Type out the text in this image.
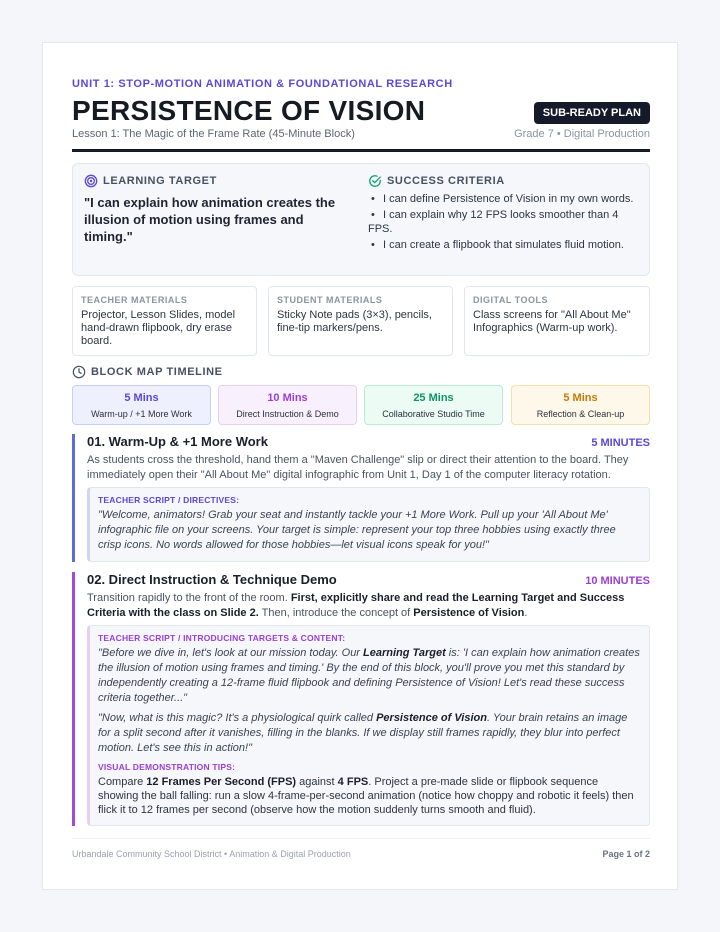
UNIT 1: STOP-MOTION ANIMATION & FOUNDATIONAL RESEARCH
PERSISTENCE OF VISION	SUB-READY PLAN
Lesson 1: The Magic of the Frame Rate (45-Minute Block)	Grade 7 • Digital Production
LEARNING TARGET
"I can explain how animation creates the illusion of motion using frames and timing."
SUCCESS CRITERIA
• I can define Persistence of Vision in my own words.
• I can explain why 12 FPS looks smoother than 4 FPS.
• I can create a flipbook that simulates fluid motion.
TEACHER MATERIALS
Projector, Lesson Slides, model hand-drawn flipbook, dry erase board.
STUDENT MATERIALS
Sticky Note pads (3×3), pencils, fine-tip markers/pens.
DIGITAL TOOLS
Class screens for "All About Me" Infographics (Warm-up work).
BLOCK MAP TIMELINE
5 Mins
Warm-up / +1 More Work
10 Mins
Direct Instruction & Demo
25 Mins
Collaborative Studio Time
5 Mins
Reflection & Clean-up
01. Warm-Up & +1 More Work	5 MINUTES
As students cross the threshold, hand them a "Maven Challenge" slip or direct their attention to the board. They immediately open their "All About Me" digital infographic from Unit 1, Day 1 of the computer literacy rotation.
TEACHER SCRIPT / DIRECTIVES:
"Welcome, animators! Grab your seat and instantly tackle your +1 More Work. Pull up your 'All About Me' infographic file on your screens. Your target is simple: represent your top three hobbies using exactly three crisp icons. No words allowed for those hobbies—let visual icons speak for you!"
02. Direct Instruction & Technique Demo	10 MINUTES
Transition rapidly to the front of the room. First, explicitly share and read the Learning Target and Success Criteria with the class on Slide 2. Then, introduce the concept of Persistence of Vision.
TEACHER SCRIPT / INTRODUCING TARGETS & CONTENT:
"Before we dive in, let's look at our mission today. Our Learning Target is: 'I can explain how animation creates the illusion of motion using frames and timing.' By the end of this block, you'll prove you met this standard by independently creating a 12-frame fluid flipbook and defining Persistence of Vision! Let's read these success criteria together..."
"Now, what is this magic? It's a physiological quirk called Persistence of Vision. Your brain retains an image for a split second after it vanishes, filling in the blanks. If we display still frames rapidly, they blur into perfect motion. Let's see this in action!"
VISUAL DEMONSTRATION TIPS:
Compare 12 Frames Per Second (FPS) against 4 FPS. Project a pre-made slide or flipbook sequence showing the ball falling: run a slow 4-frame-per-second animation (notice how choppy and robotic it feels) then flick it to 12 frames per second (observe how the motion suddenly turns smooth and fluid).
Urbandale Community School District • Animation & Digital Production	Page 1 of 2
